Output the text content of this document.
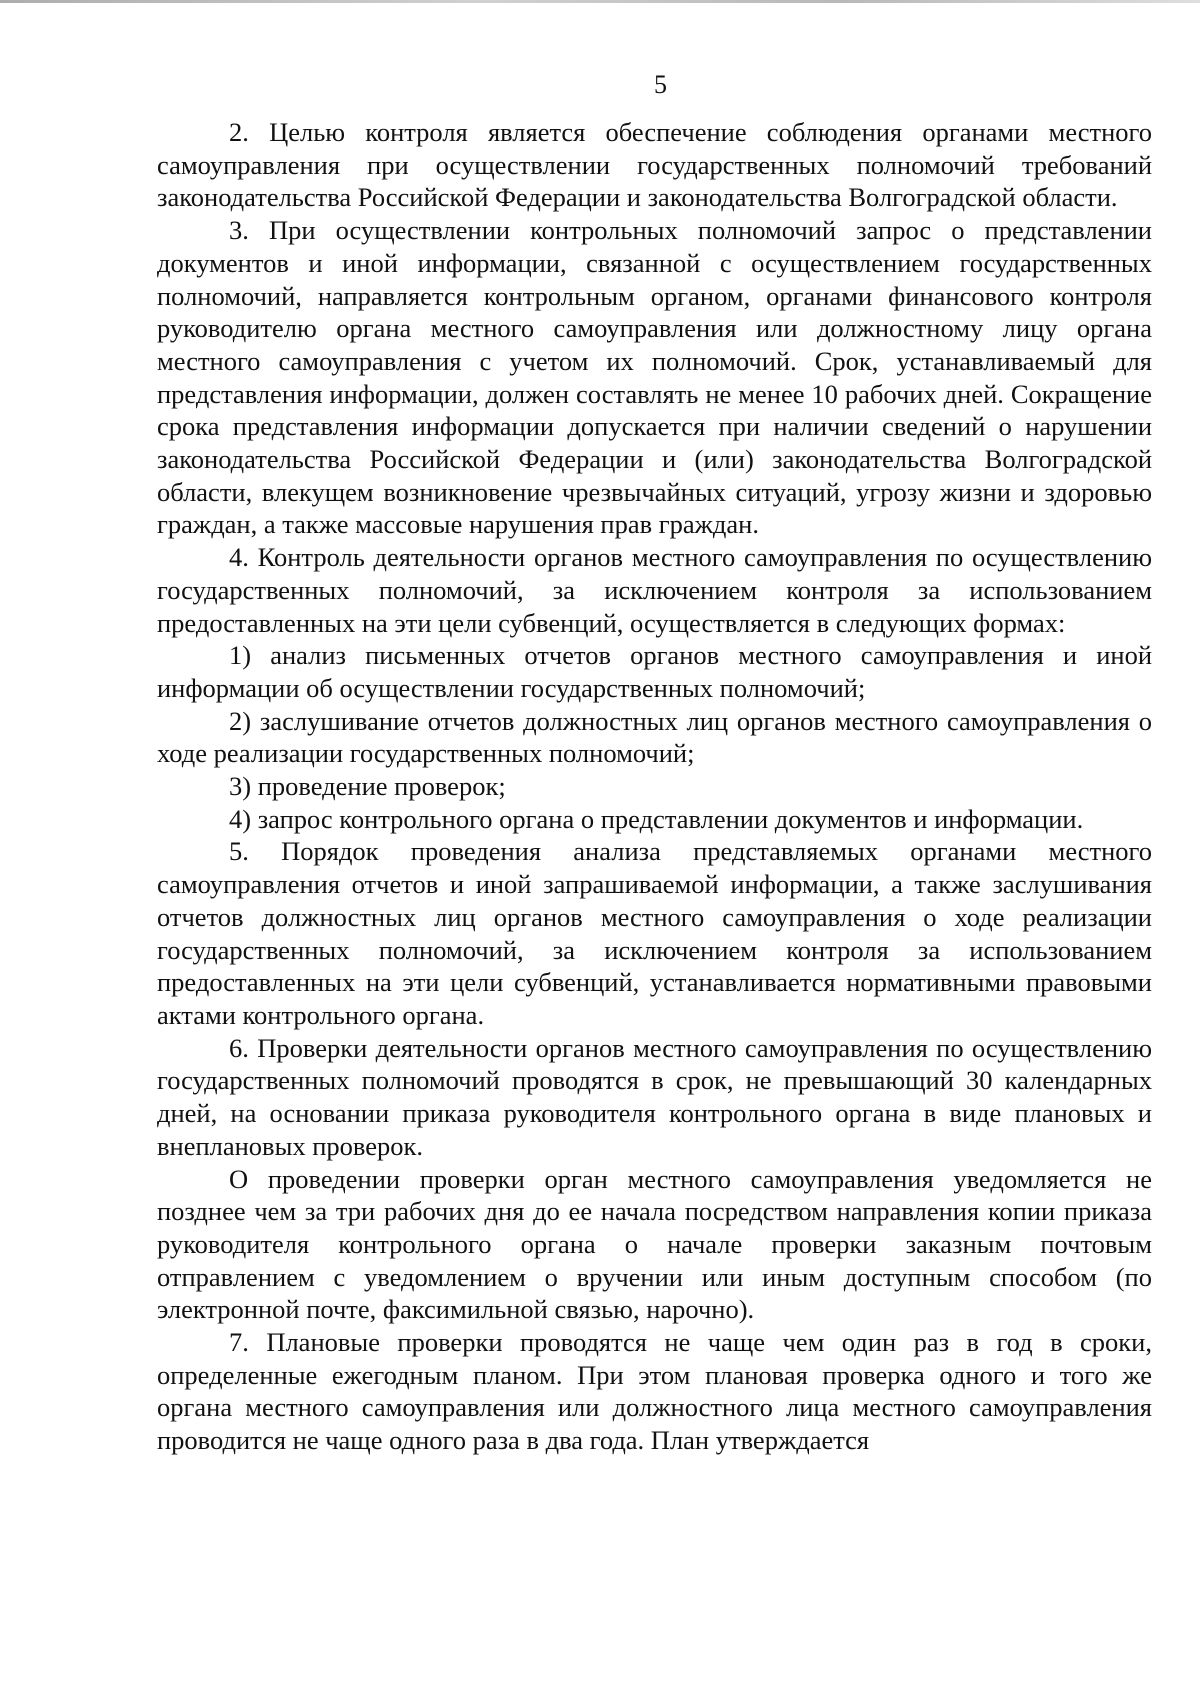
5

2. Целью контроля является обеспечение соблюдения органами местного самоуправления при осуществлении государственных полномочий требований законодательства Российской Федерации и законодательства Волгоградской области.

3. При осуществлении контрольных полномочий запрос о представлении документов и иной информации, связанной с осуществлением государственных полномочий, направляется контрольным органом, органами финансового контроля руководителю органа местного самоуправления или должностному лицу органа местного самоуправления с учетом их полномочий. Срок, устанавливаемый для представления информации, должен составлять не менее 10 рабочих дней. Сокращение срока представления информации допускается при наличии сведений о нарушении законодательства Российской Федерации и (или) законодательства Волгоградской области, влекущем возникновение чрезвычайных ситуаций, угрозу жизни и здоровью граждан, а также массовые нарушения прав граждан.

4. Контроль деятельности органов местного самоуправления по осуществлению государственных полномочий, за исключением контроля за использованием предоставленных на эти цели субвенций, осуществляется в следующих формах:

1) анализ письменных отчетов органов местного самоуправления и иной информации об осуществлении государственных полномочий;

2) заслушивание отчетов должностных лиц органов местного самоуправления о ходе реализации государственных полномочий;

3) проведение проверок;

4) запрос контрольного органа о представлении документов и информации.

5. Порядок проведения анализа представляемых органами местного самоуправления отчетов и иной запрашиваемой информации, а также заслушивания отчетов должностных лиц органов местного самоуправления о ходе реализации государственных полномочий, за исключением контроля за использованием предоставленных на эти цели субвенций, устанавливается нормативными правовыми актами контрольного органа.

6. Проверки деятельности органов местного самоуправления по осуществлению государственных полномочий проводятся в срок, не превышающий 30 календарных дней, на основании приказа руководителя контрольного органа в виде плановых и внеплановых проверок.

О проведении проверки орган местного самоуправления уведомляется не позднее чем за три рабочих дня до ее начала посредством направления копии приказа руководителя контрольного органа о начале проверки заказным почтовым отправлением с уведомлением о вручении или иным доступным способом (по электронной почте, факсимильной связью, нарочно).

7. Плановые проверки проводятся не чаще чем один раз в год в сроки, определенные ежегодным планом. При этом плановая проверка одного и того же органа местного самоуправления или должностного лица местного самоуправления проводится не чаще одного раза в два года. План утверждается
